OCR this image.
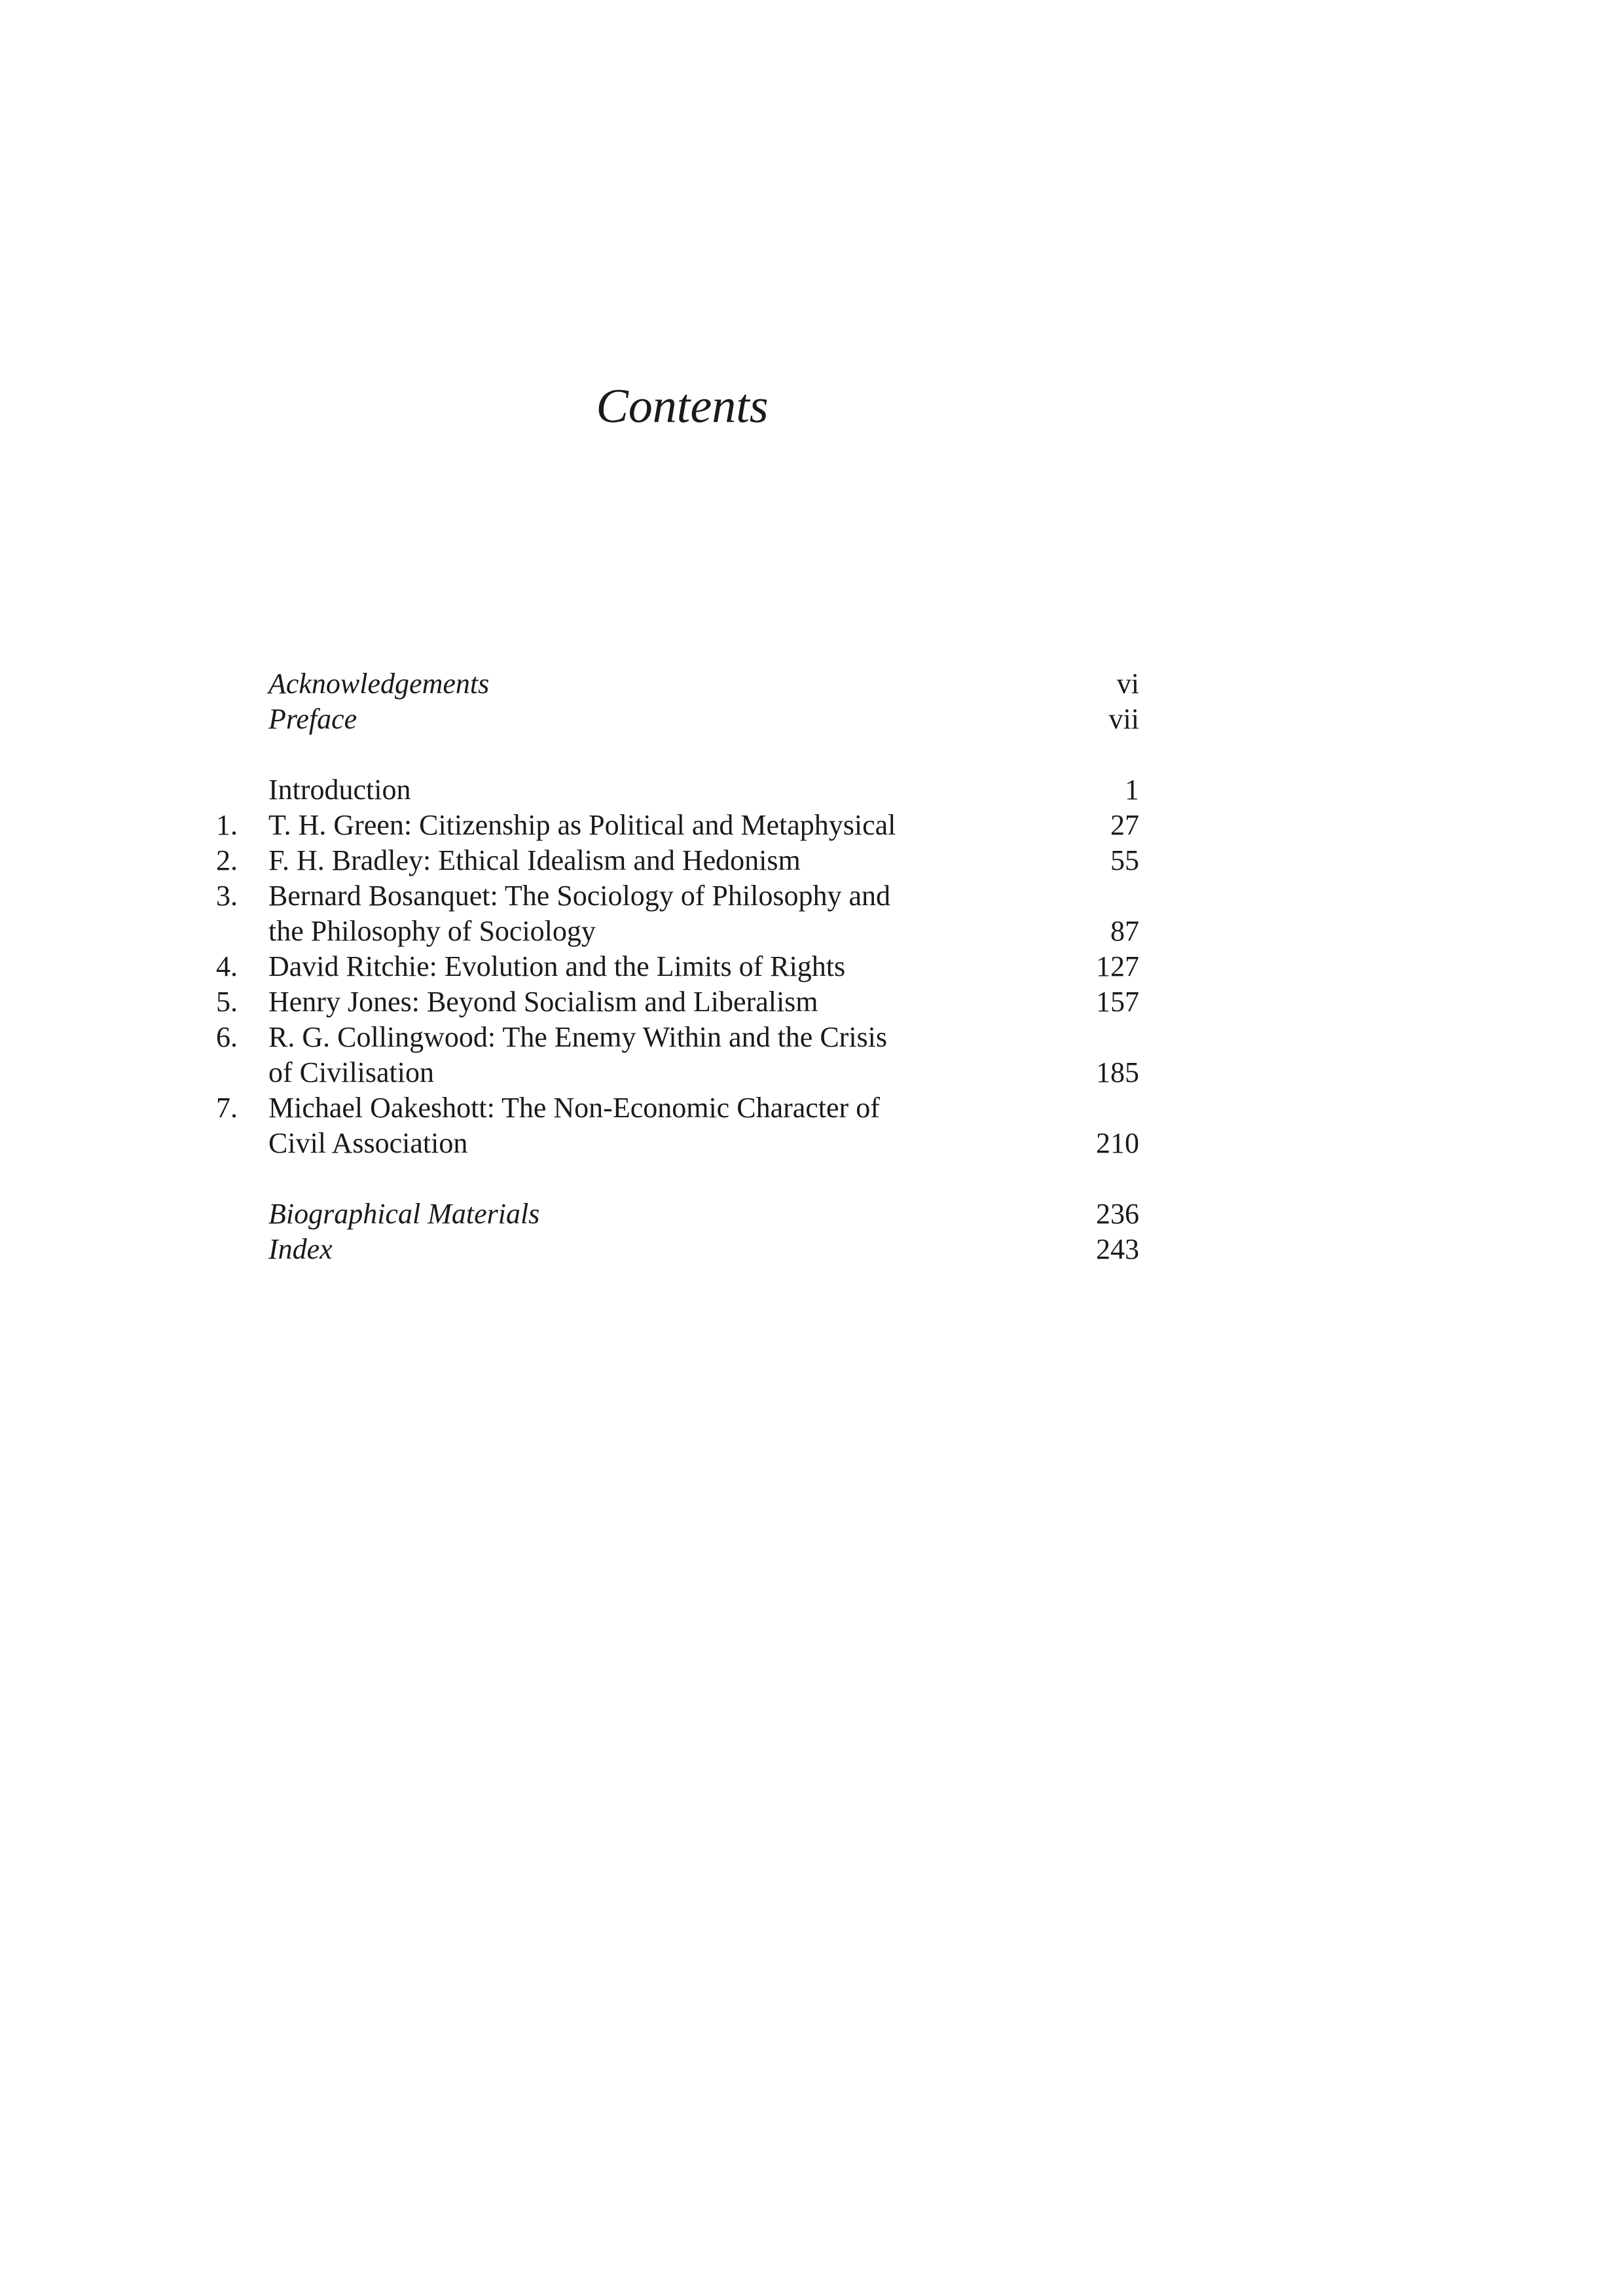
Contents
Acknowledgements	vi
Preface	vii
Introduction	1
1.	T. H. Green: Citizenship as Political and Metaphysical	27
2.	F. H. Bradley: Ethical Idealism and Hedonism	55
3.	Bernard Bosanquet: The Sociology of Philosophy and
the Philosophy of Sociology	87
4.	David Ritchie: Evolution and the Limits of Rights	127
5.	Henry Jones: Beyond Socialism and Liberalism	157
6.	R. G. Collingwood: The Enemy Within and the Crisis
of Civilisation	185
7.	Michael Oakeshott: The Non-Economic Character of
Civil Association	210
Biographical Materials	236
Index	243
